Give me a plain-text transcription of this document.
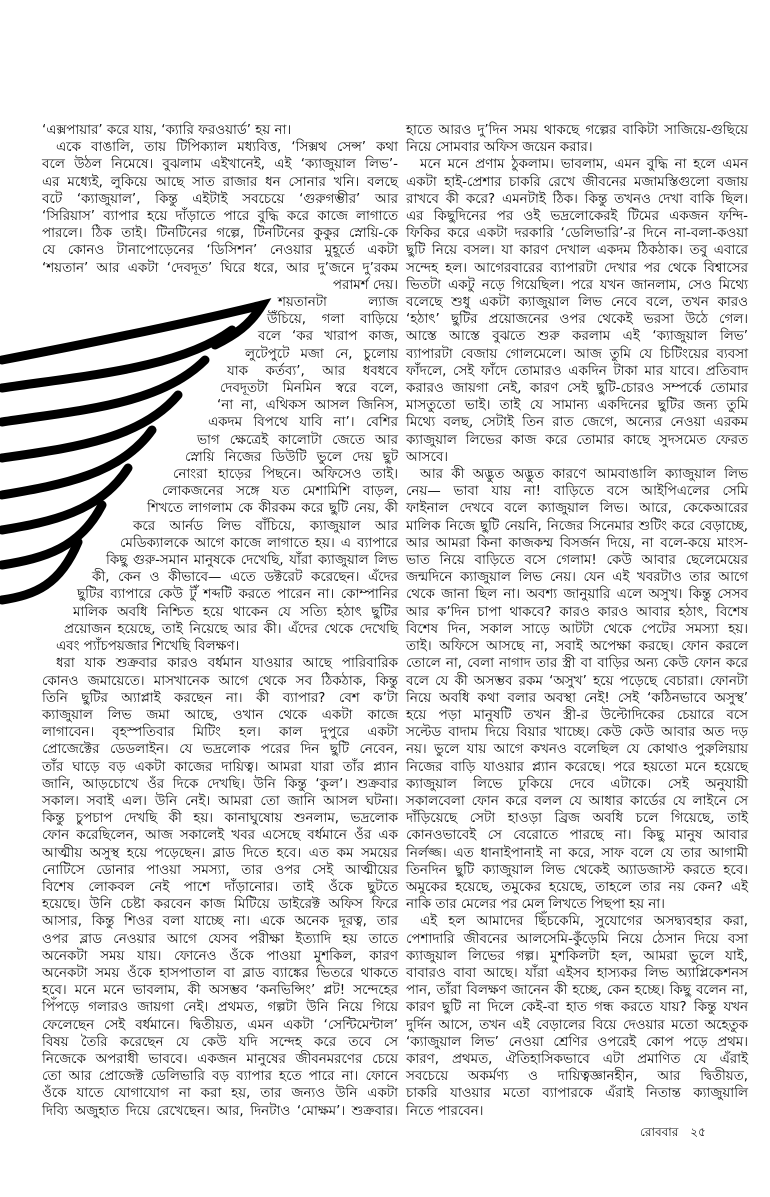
‘এক্সপায়ার’ করে যায়, ‘ক্যারি ফরওয়ার্ড’ হয় না।
একে বাঙালি, তায় টিপিক্যাল মধ্যবিত্ত, ‘সিক্সথ সেন্স’ কথা
বলে উঠল নিমেষে। বুঝলাম এইখানেই, এই ‘ক্যাজুয়াল লিভ’-
এর মধ্যেই, লুকিয়ে আছে সাত রাজার ধন সোনার খনি। বলছে
বটে ‘ক্যাজুয়াল’, কিন্তু এইটাই সবচেয়ে ‘গুরুগম্ভীর’ আর
‘সিরিয়াস’ ব্যাপার হয়ে দাঁড়াতে পারে বুদ্ধি করে কাজে লাগাতে
পারলে। ঠিক তাই। টিনটিনের গল্পে, টিনটিনের কুকুর স্নোয়ি-কে
যে কোনও টানাপোড়েনের ‘ডিসিশন’ নেওয়ার মুহূর্তে একটা
‘শয়তান’ আর একটা ‘দেবদূত’ ঘিরে ধরে, আর দু’জনে দু’রকম
পরামর্শ দেয়।
শয়তানটা ল্যাজ
উঁচিয়ে, গলা বাড়িয়ে
বলে ‘কর খারাপ কাজ,
লুটেপুটে মজা নে, চুলোয়
যাক কর্তব্য’, আর ধবধবে
দেবদূতটা মিনমিন স্বরে বলে,
‘না না, এথিকস আসল জিনিস,
একদম বিপথে যাবি না’। বেশির
ভাগ ক্ষেত্রেই কালোটা জেতে আর
স্নোয়ি নিজের ডিউটি ভুলে দেয় ছুট
নোংরা হাড়ের পিছনে। অফিসেও তাই।
লোকজনের সঙ্গে যত মেশামিশি বাড়ল,
শিখতে লাগলাম কে কীরকম করে ছুটি নেয়, কী
করে আর্নড লিভ বাঁচিয়ে, ক্যাজুয়াল আর
মেডিক্যালকে আগে কাজে লাগাতে হয়। এ ব্যাপারে
কিছু গুরু-সমান মানুষকে দেখেছি, যাঁরা ক্যাজুয়াল লিভ
কী, কেন ও কীভাবে— এতে ডক্টরেট করেছেন। এঁদের
ছুটির ব্যাপারে কেউ টুঁ শব্দটি করতে পারেন না। কোম্পানির
মালিক অবধি নিশ্চিত হয়ে থাকেন যে সত্যি হঠাৎ ছুটির
প্রয়োজন হয়েছে, তাই নিয়েছে আর কী। এঁদের থেকে দেখেছি
এবং প্যাঁচপয়জার শিখেছি বিলক্ষণ।
ধরা যাক শুক্রবার কারও বর্ধমান যাওয়ার আছে পারিবারিক
কোনও জমায়েতে। মাসখানেক আগে থেকে সব ঠিকঠাক, কিন্তু
তিনি ছুটির অ্যাপ্লাই করছেন না। কী ব্যাপার? বেশ ক’টা
ক্যাজুয়াল লিভ জমা আছে, ওখান থেকে একটা কাজে
লাগাবেন। বৃহস্পতিবার মিটিং হল। কাল দুপুরে একটা
প্রোজেক্টের ডেডলাইন। যে ভদ্রলোক পরের দিন ছুটি নেবেন,
তাঁর ঘাড়ে বড় একটা কাজের দায়িত্ব। আমরা যারা তাঁর প্ল্যান
জানি, আড়চোখে ওঁর দিকে দেখছি। উনি কিন্তু ‘কুল’। শুক্রবার
সকাল। সবাই এল। উনি নেই। আমরা তো জানি আসল ঘটনা।
কিন্তু চুপচাপ দেখছি কী হয়। কানাঘুষোয় শুনলাম, ভদ্রলোক
ফোন করেছিলেন, আজ সকালেই খবর এসেছে বর্ধমানে ওঁর এক
আত্মীয় অসুস্থ হয়ে পড়েছেন। ব্লাড দিতে হবে। এত কম সময়ের
নোটিসে ডোনার পাওয়া সমস্যা, তার ওপর সেই আত্মীয়ের
বিশেষ লোকবল নেই পাশে দাঁড়ানোর। তাই ওঁকে ছুটতে
হয়েছে। উনি চেষ্টা করবেন কাজ মিটিয়ে ডাইরেক্ট অফিস ফিরে
আসার, কিন্তু শিওর বলা যাচ্ছে না। একে অনেক দূরত্ব, তার
ওপর ব্লাড নেওয়ার আগে যেসব পরীক্ষা ইত্যাদি হয় তাতে
অনেকটা সময় যায়। ফোনেও ওঁকে পাওয়া মুশকিল, কারণ
অনেকটা সময় ওঁকে হাসপাতাল বা ব্লাড ব্যাঙ্কের ভিতরে থাকতে
হবে। মনে মনে ভাবলাম, কী অসম্ভব ‘কনভিন্সিং’ প্লট! সন্দেহের
পিঁপড়ে গলারও জায়গা নেই। প্রথমত, গল্পটা উনি নিয়ে গিয়ে
ফেলেছেন সেই বর্ধমানে। দ্বিতীয়ত, এমন একটা ‘সেন্টিমেন্টাল’
বিষয় তৈরি করেছেন যে কেউ যদি সন্দেহ করে তবে সে
নিজেকে অপরাধী ভাববে। একজন মানুষের জীবনমরণের চেয়ে
তো আর প্রোজেক্ট ডেলিভারি বড় ব্যাপার হতে পারে না। ফোনে
ওঁকে যাতে যোগাযোগ না করা হয়, তার জন্যও উনি একটা
দিব্যি অজুহাত দিয়ে রেখেছেন। আর, দিনটাও ‘মোক্ষম’। শুক্রবার।
হাতে আরও দু’দিন সময় থাকছে গল্পের বাকিটা সাজিয়ে-গুছিয়ে
নিয়ে সোমবার অফিস জয়েন করার।
মনে মনে প্রণাম ঠুকলাম। ভাবলাম, এমন বুদ্ধি না হলে এমন
একটা হাই-প্রেশার চাকরি রেখে জীবনের মজামস্তিগুলো বজায়
রাখবে কী করে? এমনটাই ঠিক। কিন্তু তখনও দেখা বাকি ছিল।
এর কিছুদিনের পর ওই ভদ্রলোকেরই টিমের একজন ফন্দি-
ফিকির করে একটা দরকারি ‘ডেলিভারি’-র দিনে না-বলা-কওয়া
ছুটি নিয়ে বসল। যা কারণ দেখাল একদম ঠিকঠাক। তবু এবারে
সন্দেহ হল। আগেরবারের ব্যাপারটা দেখার পর থেকে বিশ্বাসের
ভিতটা একটু নড়ে গিয়েছিল। পরে যখন জানলাম, সেও মিথ্যে
বলেছে শুধু একটা ক্যাজুয়াল লিভ নেবে বলে, তখন কারও
‘হঠাৎ’ ছুটির প্রয়োজনের ওপর থেকেই ভরসা উঠে গেল।
আস্তে আস্তে বুঝতে শুরু করলাম এই ‘ক্যাজুয়াল লিভ’
ব্যাপারটা বেজায় গোলমেলে। আজ তুমি যে চিটিংয়ের ব্যবসা
ফাঁদলে, সেই ফাঁদে তোমারও একদিন টাকা মার যাবে। প্রতিবাদ
করারও জায়গা নেই, কারণ সেই ছুটি-চোরও সম্পর্কে তোমার
মাসতুতো ভাই। তাই যে সামান্য একদিনের ছুটির জন্য তুমি
মিথ্যে বলছ, সেটাই তিন রাত জেগে, অন্যের নেওয়া এরকম
ক্যাজুয়াল লিভের কাজ করে তোমার কাছে সুদসমেত ফেরত
আসবে।
আর কী অদ্ভুত অদ্ভুত কারণে আমবাঙালি ক্যাজুয়াল লিভ
নেয়— ভাবা যায় না! বাড়িতে বসে আইপিএলের সেমি
ফাইনাল দেখবে বলে ক্যাজুয়াল লিভ। আরে, কেকেআরের
মালিক নিজে ছুটি নেয়নি, নিজের সিনেমার শুটিং করে বেড়াচ্ছে,
আর আমরা কিনা কাজকম্ম বিসর্জন দিয়ে, না বলে-কয়ে মাংস-
ভাত নিয়ে বাড়িতে বসে গেলাম! কেউ আবার ছেলেমেয়ের
জন্মদিনে ক্যাজুয়াল লিভ নেয়। যেন এই খবরটাও তার আগে
থেকে জানা ছিল না। অবশ্য জানুয়ারি এলে অসুখ। কিন্তু সেসব
আর ক’দিন চাপা থাকবে? কারও কারও আবার হঠাৎ, বিশেষ
বিশেষ দিন, সকাল সাড়ে আটটা থেকে পেটের সমস্যা হয়।
তাই। অফিসে আসছে না, সবাই অপেক্ষা করছে। ফোন করলে
তোলে না, বেলা নাগাদ তার স্ত্রী বা বাড়ির অন্য কেউ ফোন করে
বলে যে কী অসম্ভব রকম ‘অসুখ’ হয়ে পড়েছে বেচারা। ফোনটা
নিয়ে অবধি কথা বলার অবস্থা নেই! সেই ‘কঠিনভাবে অসুস্থ’
হয়ে পড়া মানুষটি তখন স্ত্রী-র উল্টোদিকের চেয়ারে বসে
সল্টেড বাদাম দিয়ে বিয়ার খাচ্ছে। কেউ কেউ আবার অত দড়
নয়। ভুলে যায় আগে কখনও বলেছিল যে কোথাও পুরুলিয়ায়
নিজের বাড়ি যাওয়ার প্ল্যান করেছে। পরে হয়তো মনে হয়েছে
ক্যাজুয়াল লিভে ঢুকিয়ে দেবে এটাকে। সেই অনুযায়ী
সকালবেলা ফোন করে বলল যে আধার কার্ডের যে লাইনে সে
দাঁড়িয়েছে সেটা হাওড়া ব্রিজ অবধি চলে গিয়েছে, তাই
কোনওভাবেই সে বেরোতে পারছে না। কিছু মানুষ আবার
নির্লজ্জ। এত ধানাইপানাই না করে, সাফ বলে যে তার আগামী
তিনদিন ছুটি ক্যাজুয়াল লিভ থেকেই অ্যাডজাস্ট করতে হবে।
অমুকের হয়েছে, তমুকের হয়েছে, তাহলে তার নয় কেন? এই
নাকি তার মেলের পর মেল লিখতে পিছপা হয় না।
এই হল আমাদের ছিঁচকেমি, সুযোগের অসদ্ব্যবহার করা,
পেশাদারি জীবনের আলসেমি-কুঁড়েমি নিয়ে ঠেসান দিয়ে বসা
ক্যাজুয়াল লিভের গল্প। মুশকিলটা হল, আমরা ভুলে যাই,
বাবারও বাবা আছে। যাঁরা এইসব হাস্যকর লিভ অ্যাপ্লিকেশনস
পান, তাঁরা বিলক্ষণ জানেন কী হচ্ছে, কেন হচ্ছে। কিছু বলেন না,
কারণ ছুটি না দিলে কেই-বা হাত গন্ধ করতে যায়? কিন্তু যখন
দুর্দিন আসে, তখন এই বেড়ালের বিয়ে দেওয়ার মতো অহেতুক
‘ক্যাজুয়াল লিভ’ নেওয়া শ্রেণির ওপরেই কোপ পড়ে প্রথম।
কারণ, প্রথমত, ঐতিহাসিকভাবে এটা প্রমাণিত যে এঁরাই
সবচেয়ে অকর্মণ্য ও দায়িত্বজ্ঞানহীন, আর দ্বিতীয়ত,
চাকরি যাওয়ার মতো ব্যাপারকে এঁরাই নিতান্ত ক্যাজুয়ালি
নিতে পারবেন।
রোববার ২৫
